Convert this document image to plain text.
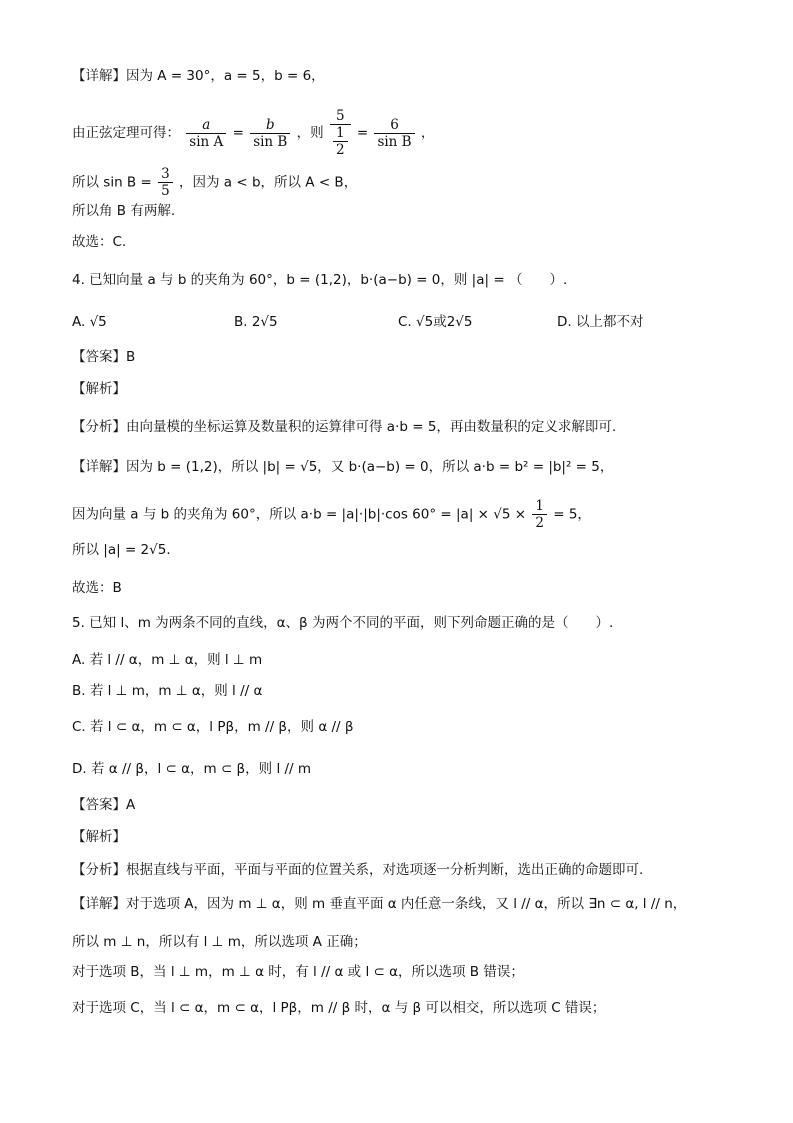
【详解】因为 A = 30°，a = 5，b = 6，
由正弦定理可得： $\frac{a}{\text{sin A}} = \frac{b}{\text{sin B}}$ ，则 $\frac{5}{\frac{1}{2}} = \frac{6}{\text{sin B}}$ ，
所以 $\sin B = \frac{3}{5}$ ，因为 a < b，所以 A < B，
所以角 B 有两解.
故选：C.
4. 已知向量 a 与 b 的夹角为 60°，b = (1,2)，b·(a−b) = 0，则 |a| = （　　）.
A. √5	B. 2√5	C. √5或2√5	D. 以上都不对
【答案】B
【解析】
【分析】由向量模的坐标运算及数量积的运算律可得 a·b = 5，再由数量积的定义求解即可.
【详解】因为 b = (1,2)，所以 |b| = √5，又 b·(a−b) = 0，所以 a·b = b² = |b|² = 5，
因为向量 a 与 b 的夹角为 60°，所以 a·b = |a|·|b|·cos $60^\circ = |a| \times √5 \times \frac{1}{2} = 5$，
所以 |a| = 2√5.
故选：B
5. 已知 l、m 为两条不同的直线，α、β 为两个不同的平面，则下列命题正确的是（　　）.
A. 若 l // α，m ⊥ α，则 l ⊥ m
B. 若 l ⊥ m，m ⊥ α，则 l // α
C. 若 l ⊂ α，m ⊂ α，l Pβ，m // β，则 α // β
D. 若 α // β，l ⊂ α，m ⊂ β，则 l // m
【答案】A
【解析】
【分析】根据直线与平面，平面与平面的位置关系，对选项逐一分析判断，选出正确的命题即可.
【详解】对于选项 A，因为 m ⊥ α，则 m 垂直平面 α 内任意一条线，又 l // α，所以 ∃n ⊂ α, l // n，
所以 m ⊥ n，所以有 l ⊥ m，所以选项 A 正确；
对于选项 B，当 l ⊥ m，m ⊥ α 时，有 l // α 或 l ⊂ α，所以选项 B 错误；
对于选项 C，当 l ⊂ α，m ⊂ α，l Pβ，m // β 时，α 与 β 可以相交，所以选项 C 错误；
